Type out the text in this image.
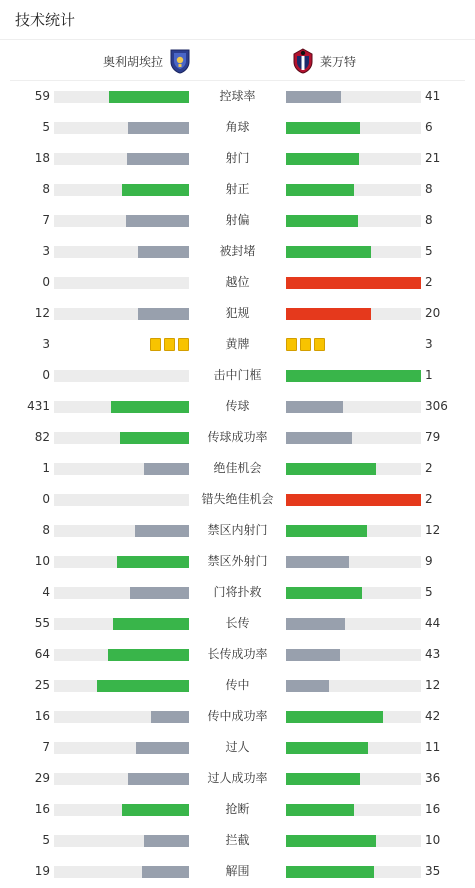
技术统计
奥利胡埃拉	莱万特
59	控球率	41
5	角球	6
18	射门	21
8	射正	8
7	射偏	8
3	被封堵	5
0	越位	2
12	犯规	20
3	黄牌	3
0	击中门框	1
431	传球	306
82	传球成功率	79
1	绝佳机会	2
0	错失绝佳机会	2
8	禁区内射门	12
10	禁区外射门	9
4	门将扑救	5
55	长传	44
64	长传成功率	43
25	传中	12
16	传中成功率	42
7	过人	11
29	过人成功率	36
16	抢断	16
5	拦截	10
19	解围	35
